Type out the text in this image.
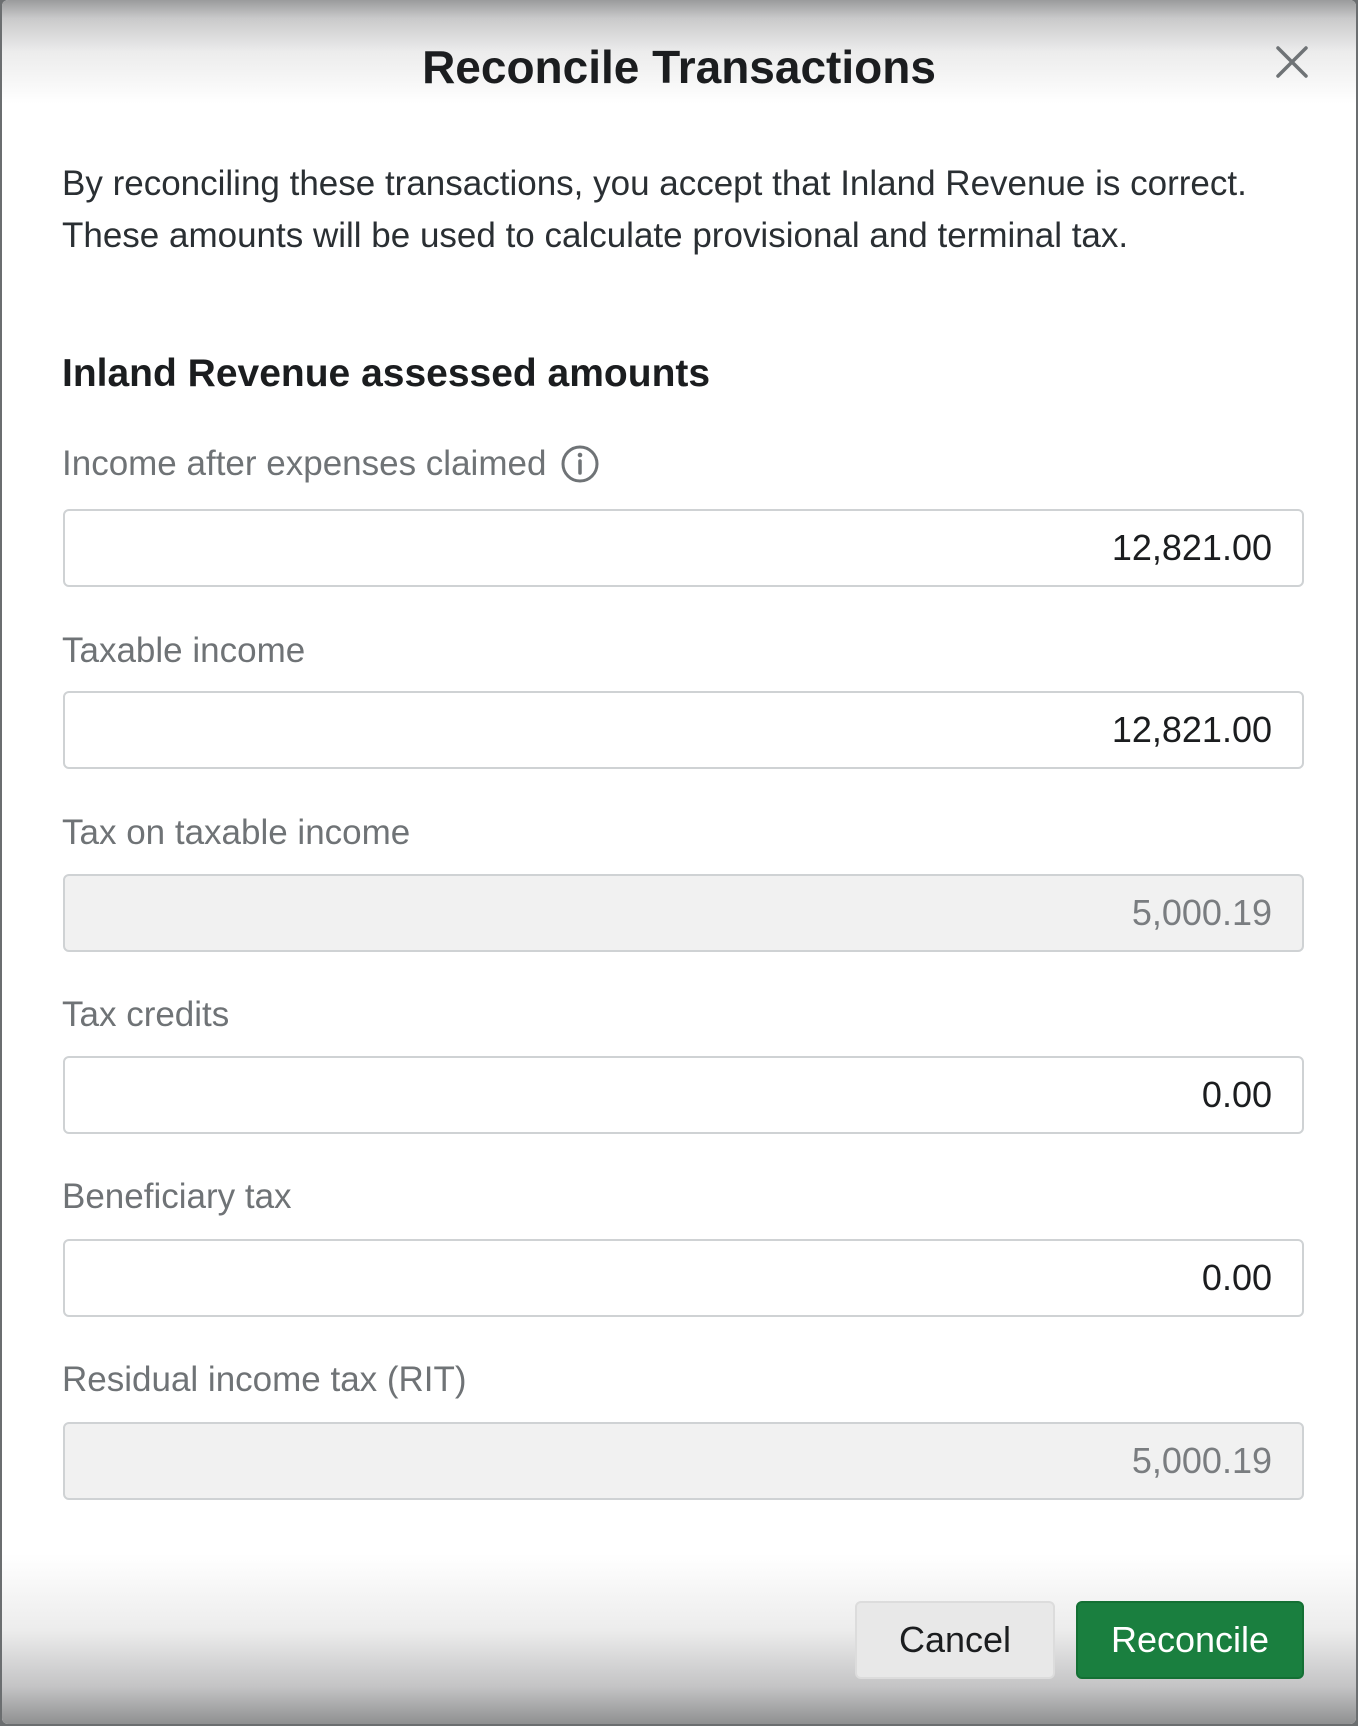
Reconcile Transactions

By reconciling these transactions, you accept that Inland Revenue is correct. These amounts will be used to calculate provisional and terminal tax.

Inland Revenue assessed amounts
Income after expenses claimed
12,821.00
Taxable income
12,821.00
Tax on taxable income
5,000.19
Tax credits
0.00
Beneficiary tax
0.00
Residual income tax (RIT)
5,000.19
Cancel	Reconcile
